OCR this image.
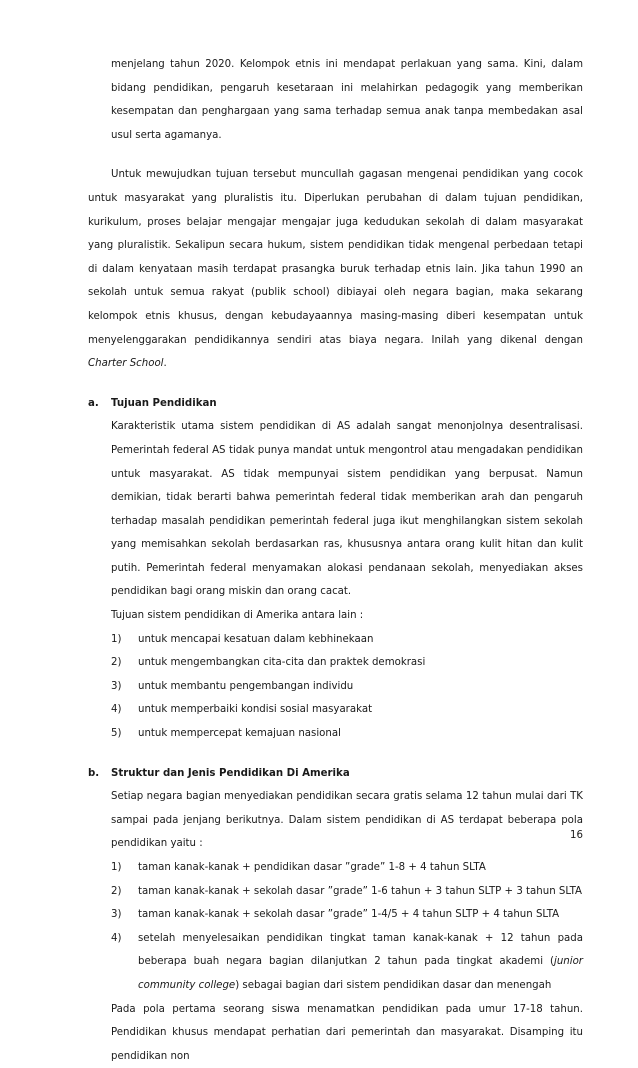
menjelang tahun 2020. Kelompok etnis ini mendapat perlakuan yang sama. Kini, dalam bidang pendidikan, pengaruh kesetaraan ini melahirkan pedagogik yang memberikan kesempatan dan penghargaan yang sama terhadap semua anak tanpa membedakan asal usul serta agamanya.

Untuk mewujudkan tujuan tersebut muncullah gagasan mengenai pendidikan yang cocok untuk masyarakat yang pluralistis itu. Diperlukan perubahan di dalam tujuan pendidikan, kurikulum, proses belajar mengajar mengajar juga kedudukan sekolah di dalam masyarakat yang pluralistik. Sekalipun secara hukum, sistem pendidikan tidak mengenal perbedaan tetapi di dalam kenyataan masih terdapat prasangka buruk terhadap etnis lain. Jika tahun 1990 an sekolah untuk semua rakyat (publik school) dibiayai oleh negara bagian, maka sekarang kelompok etnis khusus, dengan kebudayaannya masing-masing diberi kesempatan untuk menyelenggarakan pendidikannya sendiri atas biaya negara. Inilah yang dikenal dengan Charter School.

a.	Tujuan Pendidikan

Karakteristik utama sistem pendidikan di AS adalah sangat menonjolnya desentralisasi. Pemerintah federal AS tidak punya mandat untuk mengontrol atau mengadakan pendidikan untuk masyarakat. AS tidak mempunyai sistem pendidikan yang berpusat. Namun demikian, tidak berarti bahwa pemerintah federal tidak memberikan arah dan pengaruh terhadap masalah pendidikan pemerintah federal juga ikut menghilangkan sistem sekolah yang memisahkan sekolah berdasarkan ras, khususnya antara orang kulit hitan dan kulit putih. Pemerintah federal menyamakan alokasi pendanaan sekolah, menyediakan akses pendidikan bagi orang miskin dan orang cacat.

Tujuan sistem pendidikan di Amerika antara lain :

1)	untuk mencapai kesatuan dalam kebhinekaan
2)	untuk mengembangkan cita-cita dan praktek demokrasi
3)	untuk membantu pengembangan individu
4)	untuk memperbaiki kondisi sosial masyarakat
5)	untuk mempercepat kemajuan nasional
b.	Struktur dan Jenis Pendidikan Di Amerika

Setiap negara bagian menyediakan pendidikan secara gratis selama 12 tahun mulai dari TK sampai pada jenjang berikutnya. Dalam sistem pendidikan di AS terdapat beberapa pola pendidikan yaitu :

1)	taman kanak-kanak + pendidikan dasar ”grade” 1-8 + 4 tahun SLTA
2)	taman kanak-kanak + sekolah dasar ”grade” 1-6 tahun + 3 tahun SLTP + 3 tahun SLTA
3)	taman kanak-kanak + sekolah dasar ”grade” 1-4/5 + 4 tahun SLTP + 4 tahun SLTA
4)	setelah menyelesaikan pendidikan tingkat taman kanak-kanak + 12 tahun pada beberapa buah negara bagian dilanjutkan 2 tahun pada tingkat akademi (junior community college) sebagai bagian dari sistem pendidikan dasar dan menengah

Pada pola pertama seorang siswa menamatkan pendidikan pada umur 17-18 tahun. Pendidikan khusus mendapat perhatian dari pemerintah dan masyarakat. Disamping itu pendidikan non

16
